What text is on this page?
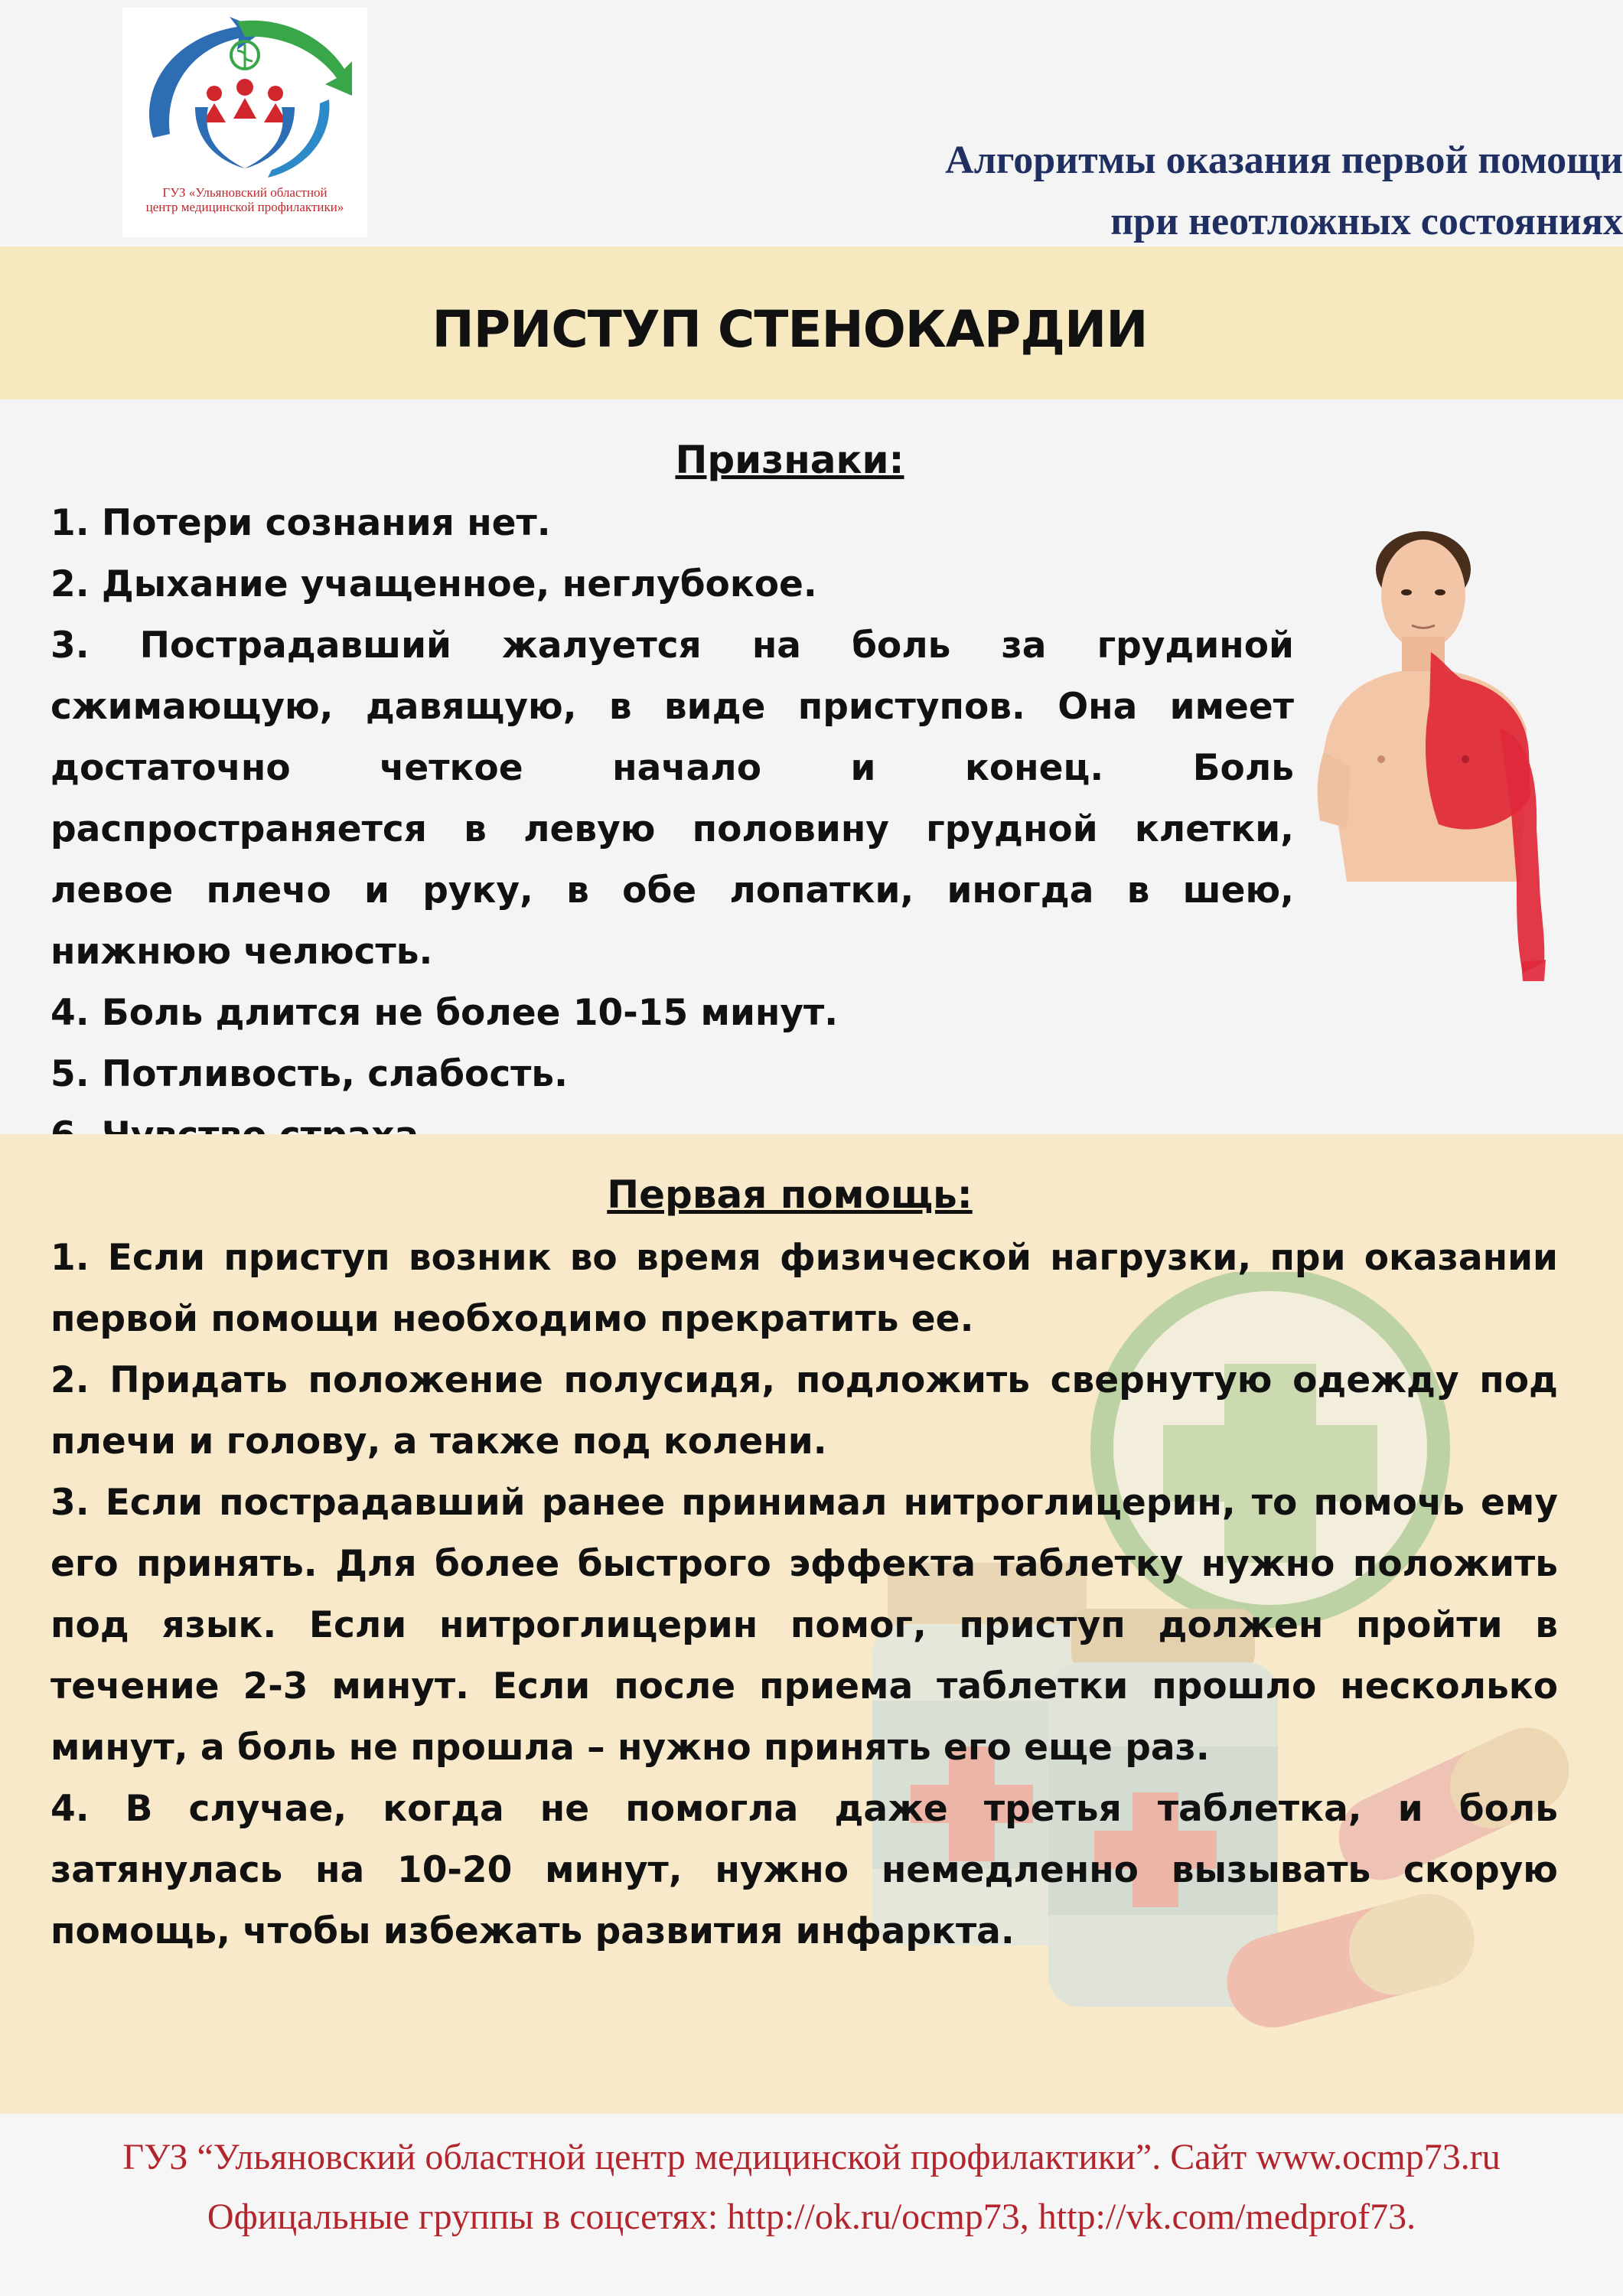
ГУЗ «Ульяновский областной центр медицинской профилактики»
Алгоритмы оказания первой помощи
при неотложных состояниях
ПРИСТУП СТЕНОКАРДИИ
Признаки:

1. Потери сознания нет.

2. Дыхание учащенное, неглубокое.

3. Пострадавший жалуется на боль за грудиной сжимающую, давящую, в виде приступов. Она имеет достаточно четкое начало и конец. Боль распространяется в левую половину грудной клетки, левое плечо и руку, в обе лопатки, иногда в шею, нижнюю челюсть.

4. Боль длится не более 10-15 минут.

5. Потливость, слабость.

Первая помощь:

1. Если приступ возник во время физической нагрузки, при оказании первой помощи необходимо прекратить ее.

2. Придать положение полусидя, подложить свернутую одежду под плечи и голову, а также под колени.

3. Если пострадавший ранее принимал нитроглицерин, то помочь ему его принять. Для более быстрого эффекта таблетку нужно положить под язык. Если нитроглицерин помог, приступ должен пройти в течение 2-3 минут. Если после приема таблетки прошло несколько минут, а боль не прошла – нужно принять его еще раз.

4. В случае, когда не помогла даже третья таблетка, и боль затянулась на 10-20 минут, нужно немедленно вызывать скорую помощь, чтобы избежать развития инфаркта.

ГУЗ “Ульяновский областной центр медицинской профилактики”. Сайт www.ocmp73.ru
Офицальные группы в соцсетях: http://ok.ru/ocmp73, http://vk.com/medprof73.
